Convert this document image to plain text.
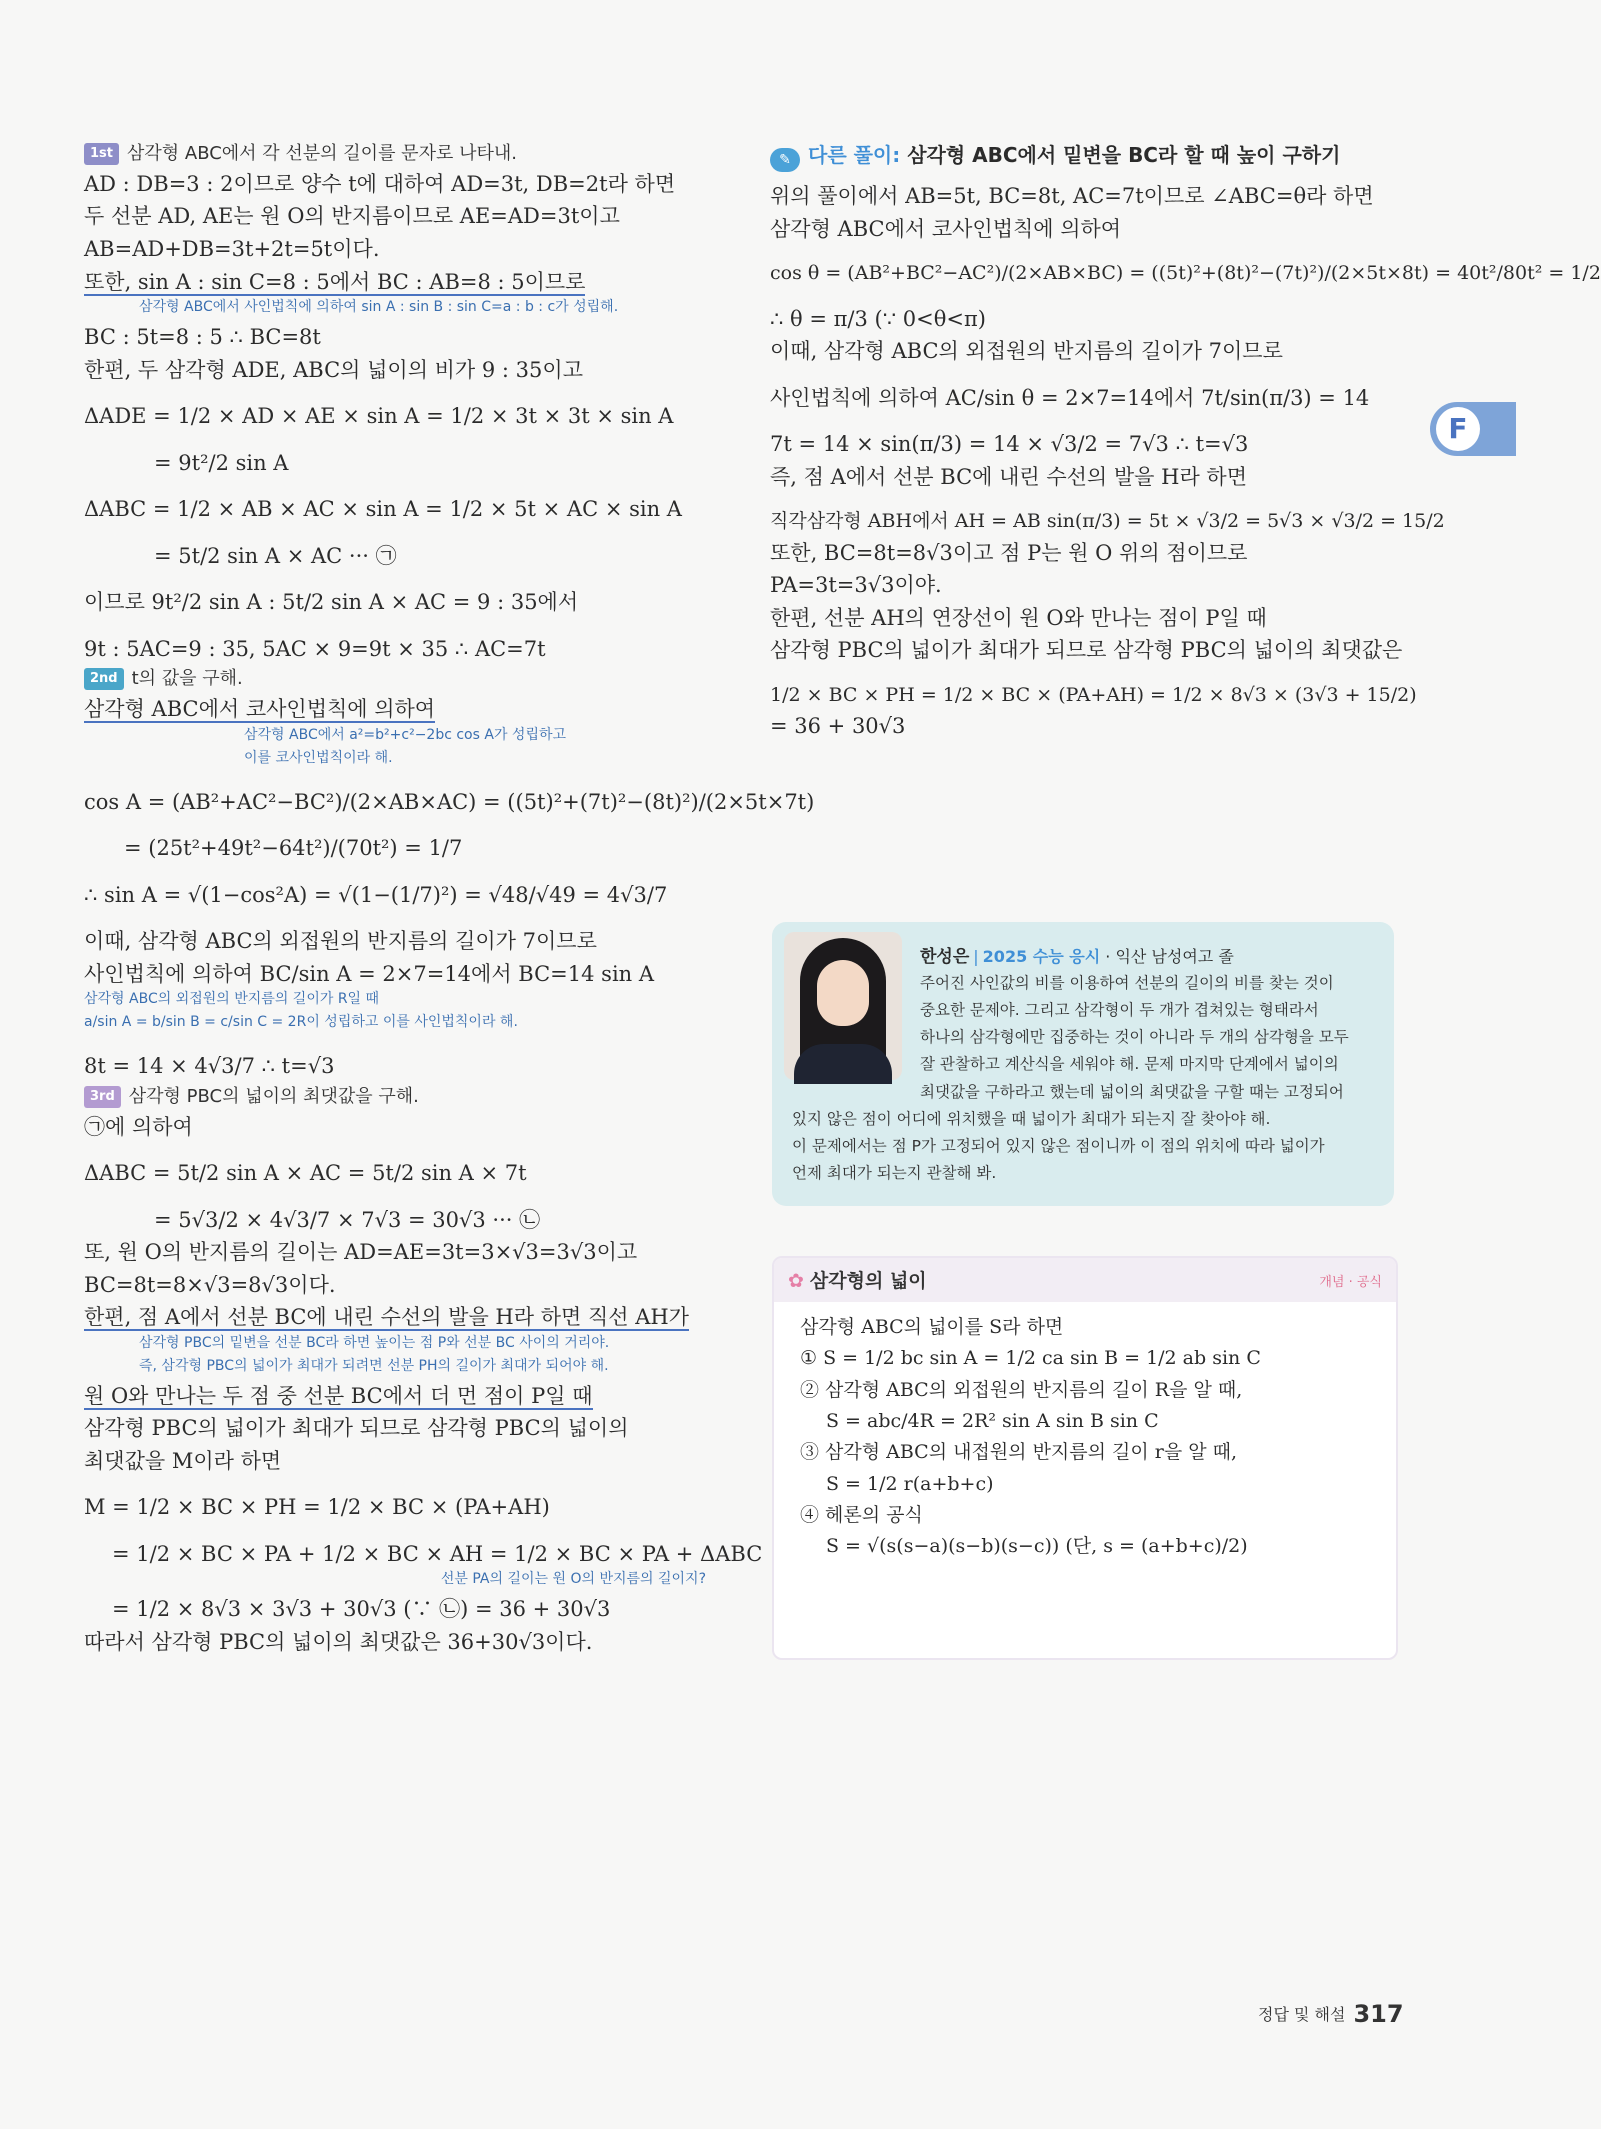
F

1st 삼각형 ABC에서 각 선분의 길이를 문자로 나타내.

AD : DB=3 : 2이므로 양수 t에 대하여 AD=3t, DB=2t라 하면

두 선분 AD, AE는 원 O의 반지름이므로 AE=AD=3t이고

AB=AD+DB=3t+2t=5t이다.

또한, sin A : sin C=8 : 5에서 BC : AB=8 : 5이므로

삼각형 ABC에서 사인법칙에 의하여 sin A : sin B : sin C=a : b : c가 성립해.

BC : 5t=8 : 5 ∴ BC=8t

한편, 두 삼각형 ADE, ABC의 넓이의 비가 9 : 35이고

ΔADE = 1/2 × AD × AE × sin A = 1/2 × 3t × 3t × sin A

= 9t²/2 sin A

ΔABC = 1/2 × AB × AC × sin A = 1/2 × 5t × AC × sin A

= 5t/2 sin A × AC ··· ㉠

이므로 9t²/2 sin A : 5t/2 sin A × AC = 9 : 35에서

9t : 5AC=9 : 35, 5AC × 9=9t × 35 ∴ AC=7t

2nd t의 값을 구해.

삼각형 ABC에서 코사인법칙에 의하여

삼각형 ABC에서 a²=b²+c²−2bc cos A가 성립하고

이를 코사인법칙이라 해.

cos A = (AB²+AC²−BC²)/(2×AB×AC) = ((5t)²+(7t)²−(8t)²)/(2×5t×7t)

= (25t²+49t²−64t²)/(70t²) = 1/7

∴ sin A = √(1−cos²A) = √(1−(1/7)²) = √48/√49 = 4√3/7

이때, 삼각형 ABC의 외접원의 반지름의 길이가 7이므로

사인법칙에 의하여 BC/sin A = 2×7=14에서 BC=14 sin A

삼각형 ABC의 외접원의 반지름의 길이가 R일 때

a/sin A = b/sin B = c/sin C = 2R이 성립하고 이를 사인법칙이라 해.

8t = 14 × 4√3/7 ∴ t=√3

3rd 삼각형 PBC의 넓이의 최댓값을 구해.

㉠에 의하여

ΔABC = 5t/2 sin A × AC = 5t/2 sin A × 7t

= 5√3/2 × 4√3/7 × 7√3 = 30√3 ··· ㉡

또, 원 O의 반지름의 길이는 AD=AE=3t=3×√3=3√3이고

BC=8t=8×√3=8√3이다.

한편, 점 A에서 선분 BC에 내린 수선의 발을 H라 하면 직선 AH가

삼각형 PBC의 밑변을 선분 BC라 하면 높이는 점 P와 선분 BC 사이의 거리야.

즉, 삼각형 PBC의 넓이가 최대가 되려면 선분 PH의 길이가 최대가 되어야 해.

원 O와 만나는 두 점 중 선분 BC에서 더 먼 점이 P일 때

삼각형 PBC의 넓이가 최대가 되므로 삼각형 PBC의 넓이의

최댓값을 M이라 하면

M = 1/2 × BC × PH = 1/2 × BC × (PA+AH)

= 1/2 × BC × PA + 1/2 × BC × AH = 1/2 × BC × PA + ΔABC

선분 PA의 길이는 원 O의 반지름의 길이지?

= 1/2 × 8√3 × 3√3 + 30√3 (∵ ㉡) = 36 + 30√3

따라서 삼각형 PBC의 넓이의 최댓값은 36+30√3이다.

✎ 다른 풀이: 삼각형 ABC에서 밑변을 BC라 할 때 높이 구하기

위의 풀이에서 AB=5t, BC=8t, AC=7t이므로 ∠ABC=θ라 하면

삼각형 ABC에서 코사인법칙에 의하여

cos θ = (AB²+BC²−AC²)/(2×AB×BC) = ((5t)²+(8t)²−(7t)²)/(2×5t×8t) = 40t²/80t² = 1/2

∴ θ = π/3 (∵ 0<θ<π)

이때, 삼각형 ABC의 외접원의 반지름의 길이가 7이므로

사인법칙에 의하여 AC/sin θ = 2×7=14에서 7t/sin(π/3) = 14

7t = 14 × sin(π/3) = 14 × √3/2 = 7√3 ∴ t=√3

즉, 점 A에서 선분 BC에 내린 수선의 발을 H라 하면

직각삼각형 ABH에서 AH = AB sin(π/3) = 5t × √3/2 = 5√3 × √3/2 = 15/2

또한, BC=8t=8√3이고 점 P는 원 O 위의 점이므로

PA=3t=3√3이야.

한편, 선분 AH의 연장선이 원 O와 만나는 점이 P일 때

삼각형 PBC의 넓이가 최대가 되므로 삼각형 PBC의 넓이의 최댓값은

1/2 × BC × PH = 1/2 × BC × (PA+AH) = 1/2 × 8√3 × (3√3 + 15/2)

= 36 + 30√3

한성은 | 2025 수능 응시 · 익산 남성여고 졸
주어진 사인값의 비를 이용하여 선분의 길이의 비를 찾는 것이
중요한 문제야. 그리고 삼각형이 두 개가 겹쳐있는 형태라서
하나의 삼각형에만 집중하는 것이 아니라 두 개의 삼각형을 모두
잘 관찰하고 계산식을 세워야 해. 문제 마지막 단계에서 넓이의
최댓값을 구하라고 했는데 넓이의 최댓값을 구할 때는 고정되어
있지 않은 점이 어디에 위치했을 때 넓이가 최대가 되는지 잘 찾아야 해.
이 문제에서는 점 P가 고정되어 있지 않은 점이니까 이 점의 위치에 따라 넓이가
언제 최대가 되는지 관찰해 봐.
✿ 삼각형의 넓이	개념 · 공식
삼각형 ABC의 넓이를 S라 하면
① S = 1/2 bc sin A = 1/2 ca sin B = 1/2 ab sin C
② 삼각형 ABC의 외접원의 반지름의 길이 R을 알 때,
S = abc/4R = 2R² sin A sin B sin C
③ 삼각형 ABC의 내접원의 반지름의 길이 r을 알 때,
S = 1/2 r(a+b+c)
④ 헤론의 공식
S = √(s(s−a)(s−b)(s−c)) (단, s = (a+b+c)/2)
정답 및 해설 317
